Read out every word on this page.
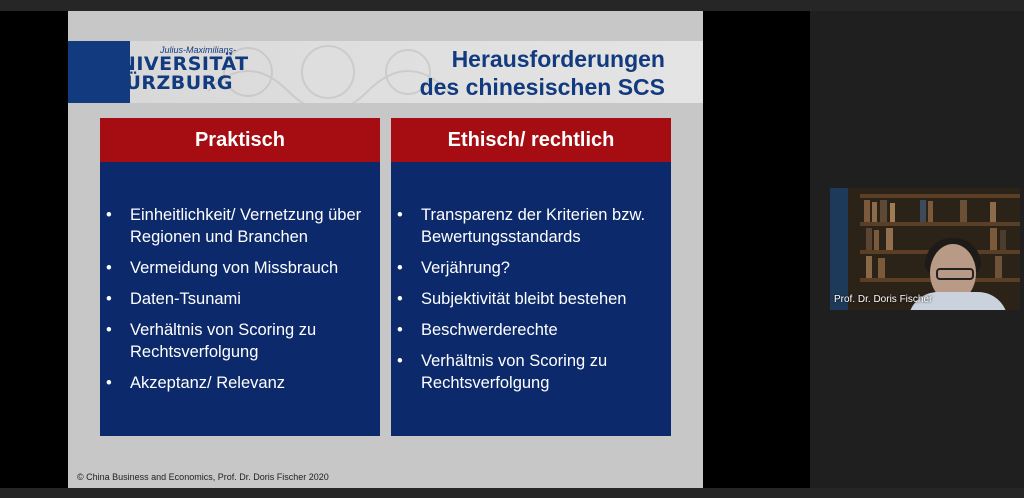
Julius-Maximilians-
UNIVERSITÄT
WÜRZBURG
Herausforderungen
des chinesischen SCS
Praktisch
• Einheitlichkeit/ Vernetzung über Regionen und Branchen
• Vermeidung von Missbrauch
• Daten-Tsunami
• Verhältnis von Scoring zu Rechtsverfolgung
• Akzeptanz/ Relevanz
Ethisch/ rechtlich
• Transparenz der Kriterien bzw. Bewertungsstandards
• Verjährung?
• Subjektivität bleibt bestehen
• Beschwerderechte
• Verhältnis von Scoring zu Rechtsverfolgung
© China Business and Economics, Prof. Dr. Doris Fischer 2020
Prof. Dr. Doris Fischer
